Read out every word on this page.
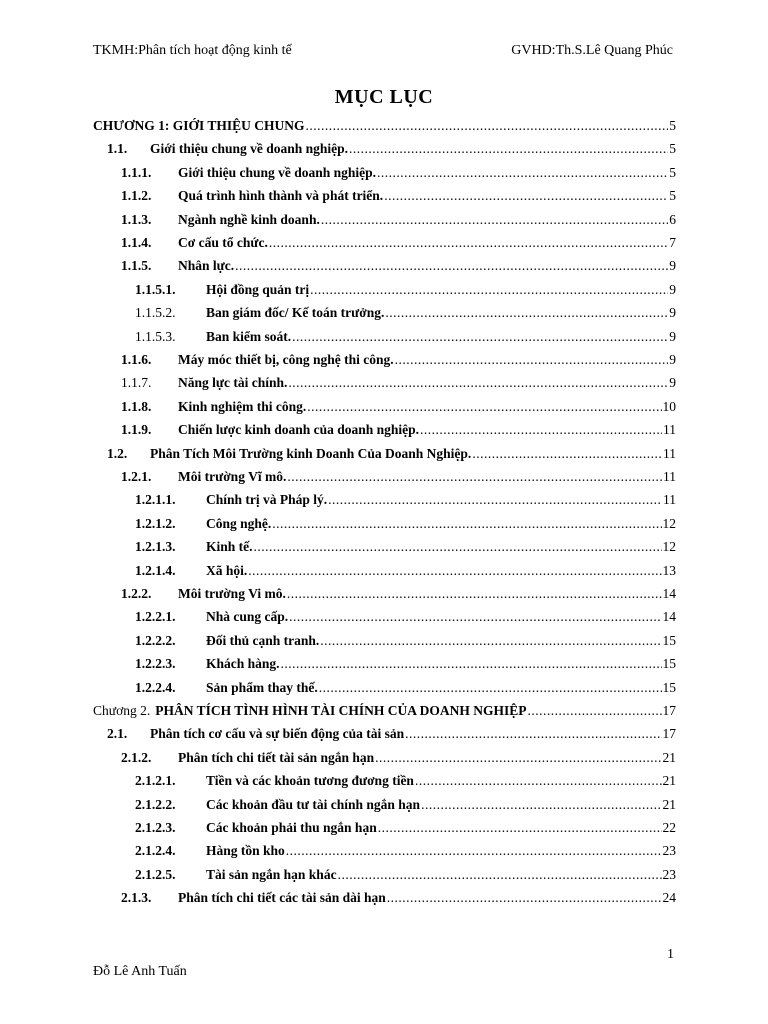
TKMH:Phân tích hoạt động kinh tế	GVHD:Th.S.Lê Quang Phúc
MỤC LỤC
CHƯƠNG 1: GIỚI THIỆU CHUNG .....	5
1.1.	Giới thiệu chung về doanh nghiệp. .....	5
1.1.1.	Giới thiệu chung về doanh nghiệp. .....	5
1.1.2.	Quá trình hình thành và phát triển. .....	5
1.1.3.	Ngành nghề kinh doanh. .....	6
1.1.4.	Cơ cấu tổ chức. .....	7
1.1.5.	Nhân lực. .....	9
1.1.5.1.	Hội đồng quản trị .....	9
1.1.5.2.	Ban giám đốc/ Kế toán trưởng. .....	9
1.1.5.3.	Ban kiểm soát. .....	9
1.1.6.	Máy móc thiết bị, công nghệ thi công. .....	9
1.1.7.	Năng lực tài chính. .....	9
1.1.8.	Kinh nghiệm thi công. .....	10
1.1.9.	Chiến lược kinh doanh của doanh nghiệp. .....	11
1.2.	Phân Tích Môi Trường kinh Doanh Của Doanh Nghiệp. .....	11
1.2.1.	Môi trường Vĩ mô. .....	11
1.2.1.1.	Chính trị và Pháp lý. .....	11
1.2.1.2.	Công nghệ. .....	12
1.2.1.3.	Kinh tế. .....	12
1.2.1.4.	Xã hội. .....	13
1.2.2.	Môi trường Vi mô. .....	14
1.2.2.1.	Nhà cung cấp. .....	14
1.2.2.2.	Đối thủ cạnh tranh. .....	15
1.2.2.3.	Khách hàng. .....	15
1.2.2.4.	Sản phẩm thay thế. .....	15
Chương 2. PHÂN TÍCH TÌNH HÌNH TÀI CHÍNH CỦA DOANH NGHIỆP .....	17
2.1.	Phân tích cơ cấu và sự biến động của tài sản .....	17
2.1.2.	Phân tích chi tiết tài sản ngắn hạn .....	21
2.1.2.1.	Tiền và các khoản tương đương tiền .....	21
2.1.2.2.	Các khoản đầu tư tài chính ngắn hạn .....	21
2.1.2.3.	Các khoản phải thu ngắn hạn .....	22
2.1.2.4.	Hàng tồn kho .....	23
2.1.2.5.	Tài sản ngắn hạn khác .....	23
2.1.3.	Phân tích chi tiết các tài sản dài hạn .....	24
1
Đỗ Lê Anh Tuấn
